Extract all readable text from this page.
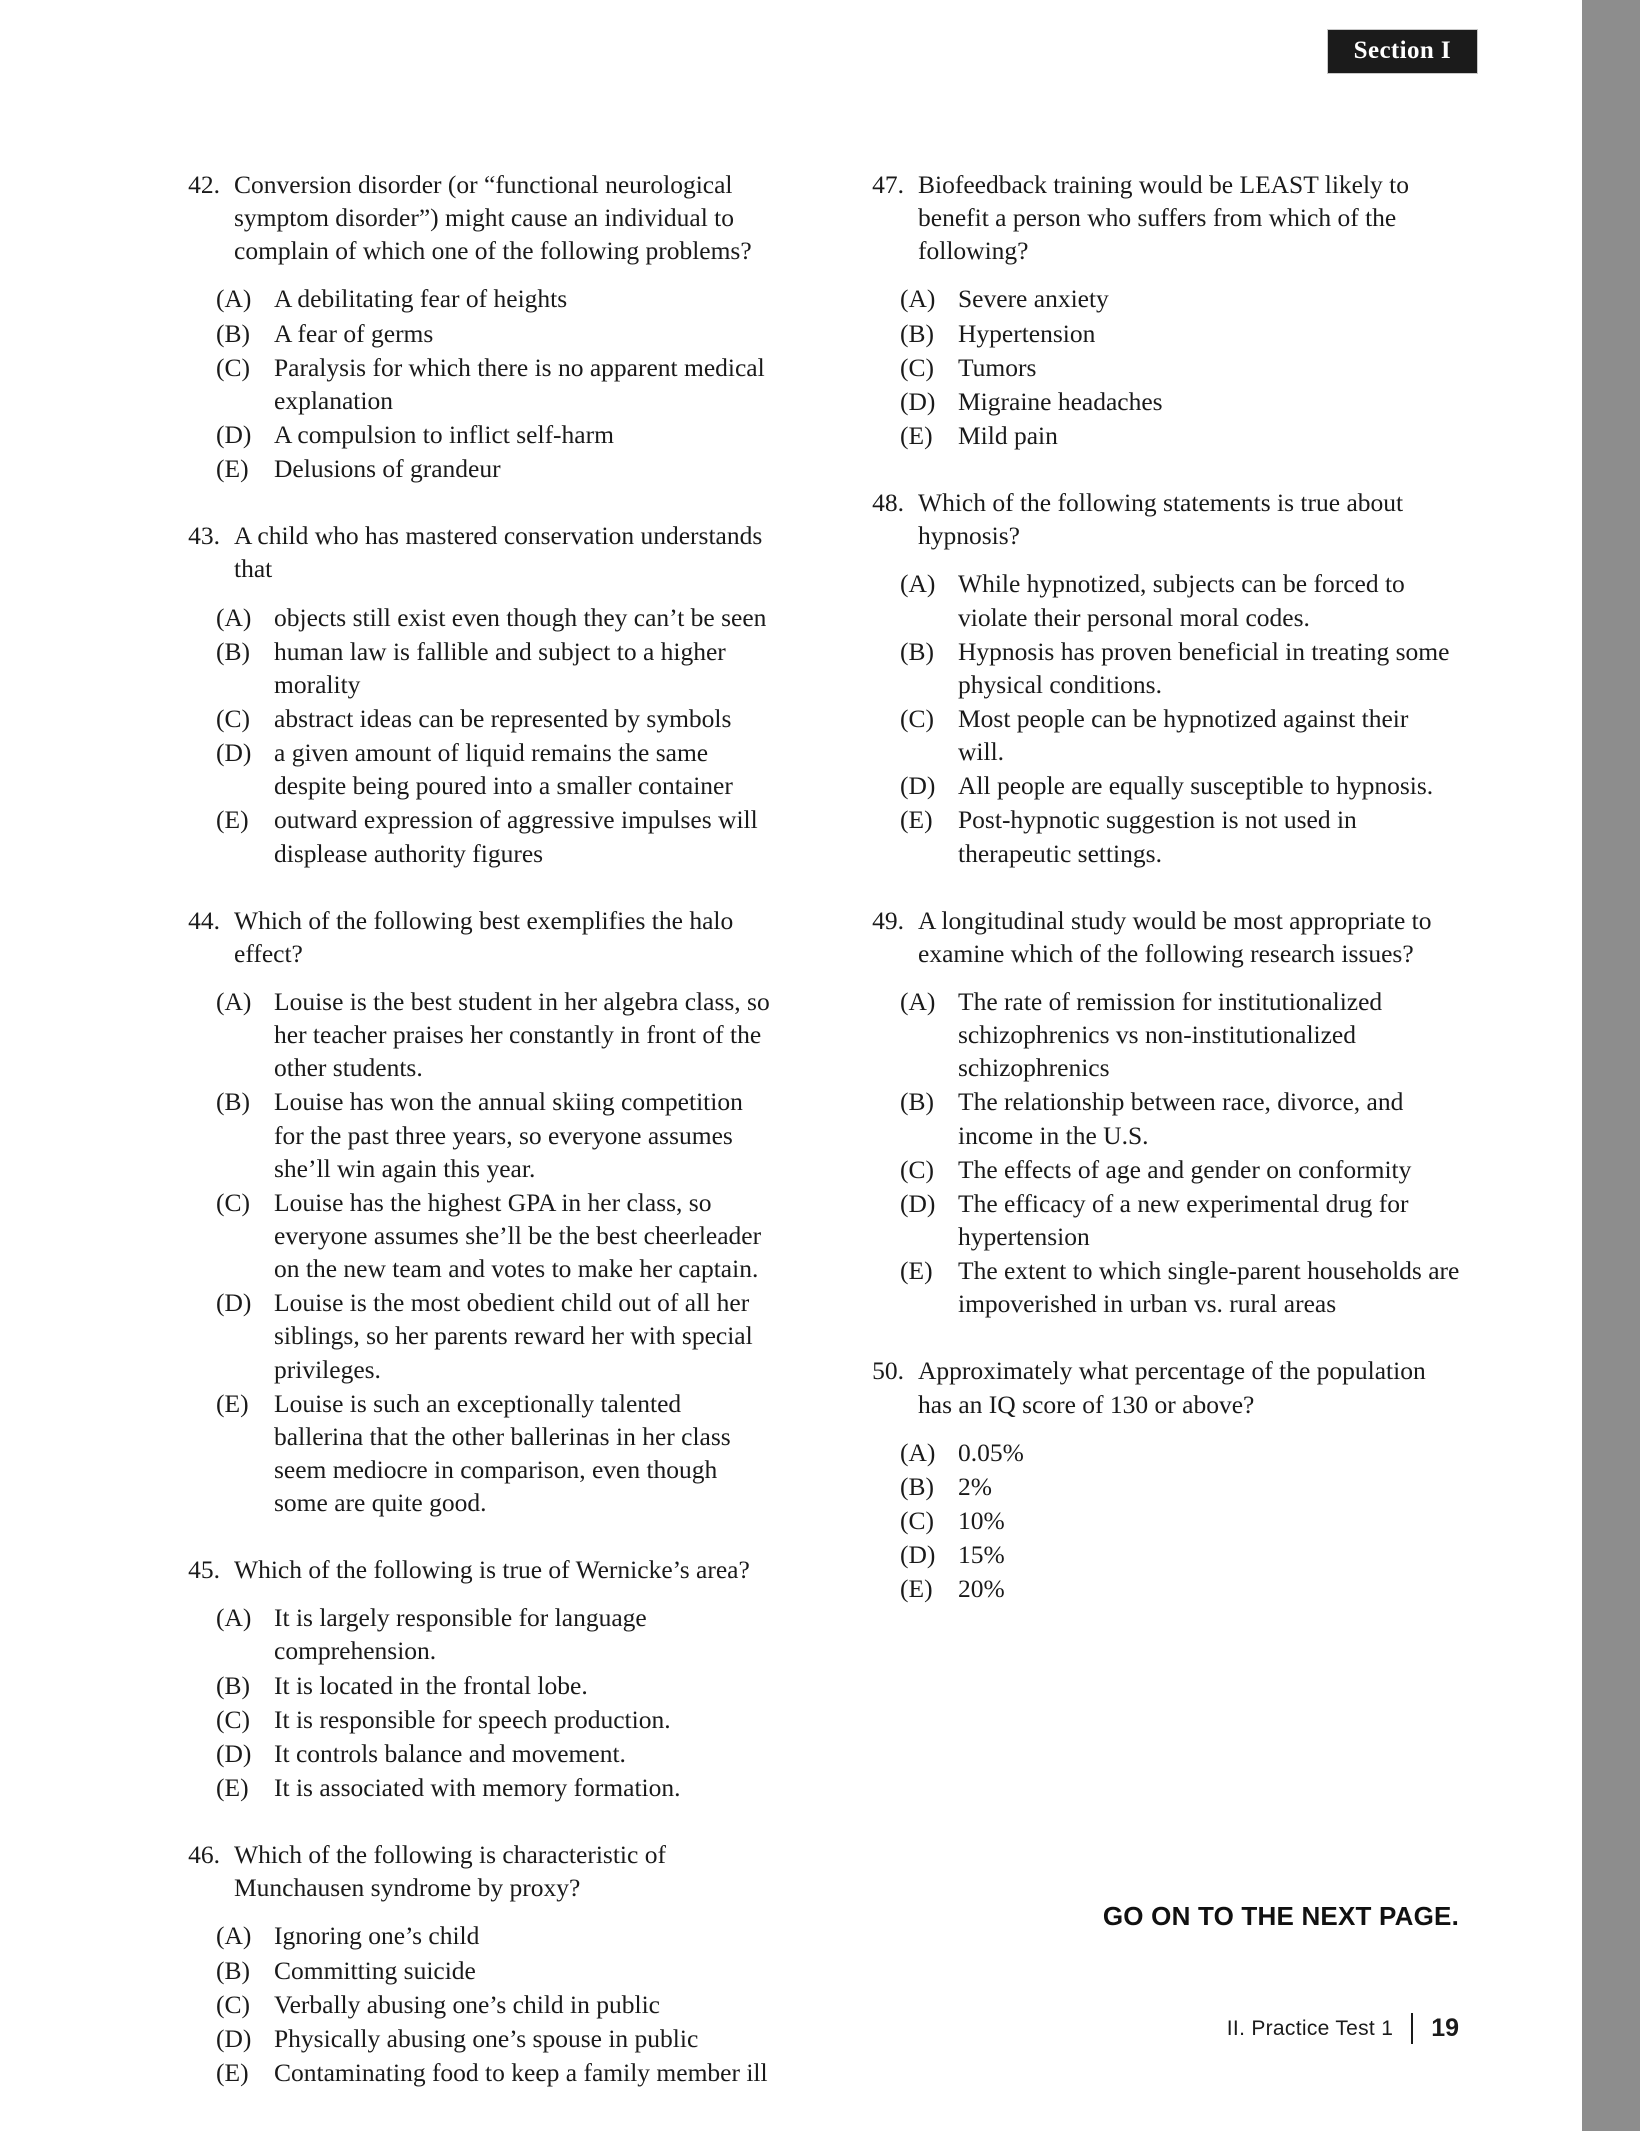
Section I
42. Conversion disorder (or “functional neurological symptom disorder”) might cause an individual to complain of which one of the following problems?
(A) A debilitating fear of heights
(B) A fear of germs
(C) Paralysis for which there is no apparent medical explanation
(D) A compulsion to inflict self-harm
(E) Delusions of grandeur
43. A child who has mastered conservation understands that
(A) objects still exist even though they can’t be seen
(B) human law is fallible and subject to a higher morality
(C) abstract ideas can be represented by symbols
(D) a given amount of liquid remains the same despite being poured into a smaller container
(E) outward expression of aggressive impulses will displease authority figures
44. Which of the following best exemplifies the halo effect?
(A) Louise is the best student in her algebra class, so her teacher praises her constantly in front of the other students.
(B) Louise has won the annual skiing competition for the past three years, so everyone assumes she’ll win again this year.
(C) Louise has the highest GPA in her class, so everyone assumes she’ll be the best cheerleader on the new team and votes to make her captain.
(D) Louise is the most obedient child out of all her siblings, so her parents reward her with special privileges.
(E) Louise is such an exceptionally talented ballerina that the other ballerinas in her class seem mediocre in comparison, even though some are quite good.
45. Which of the following is true of Wernicke’s area?
(A) It is largely responsible for language comprehension.
(B) It is located in the frontal lobe.
(C) It is responsible for speech production.
(D) It controls balance and movement.
(E) It is associated with memory formation.
46. Which of the following is characteristic of Munchausen syndrome by proxy?
(A) Ignoring one’s child
(B) Committing suicide
(C) Verbally abusing one’s child in public
(D) Physically abusing one’s spouse in public
(E) Contaminating food to keep a family member ill
47. Biofeedback training would be LEAST likely to benefit a person who suffers from which of the following?
(A) Severe anxiety
(B) Hypertension
(C) Tumors
(D) Migraine headaches
(E) Mild pain
48. Which of the following statements is true about hypnosis?
(A) While hypnotized, subjects can be forced to violate their personal moral codes.
(B) Hypnosis has proven beneficial in treating some physical conditions.
(C) Most people can be hypnotized against their will.
(D) All people are equally susceptible to hypnosis.
(E) Post-hypnotic suggestion is not used in therapeutic settings.
49. A longitudinal study would be most appropriate to examine which of the following research issues?
(A) The rate of remission for institutionalized schizophrenics vs non-institutionalized schizophrenics
(B) The relationship between race, divorce, and income in the U.S.
(C) The effects of age and gender on conformity
(D) The efficacy of a new experimental drug for hypertension
(E) The extent to which single-parent households are impoverished in urban vs. rural areas
50. Approximately what percentage of the population has an IQ score of 130 or above?
(A) 0.05%
(B) 2%
(C) 10%
(D) 15%
(E) 20%
GO ON TO THE NEXT PAGE.
II. Practice Test 1 19
